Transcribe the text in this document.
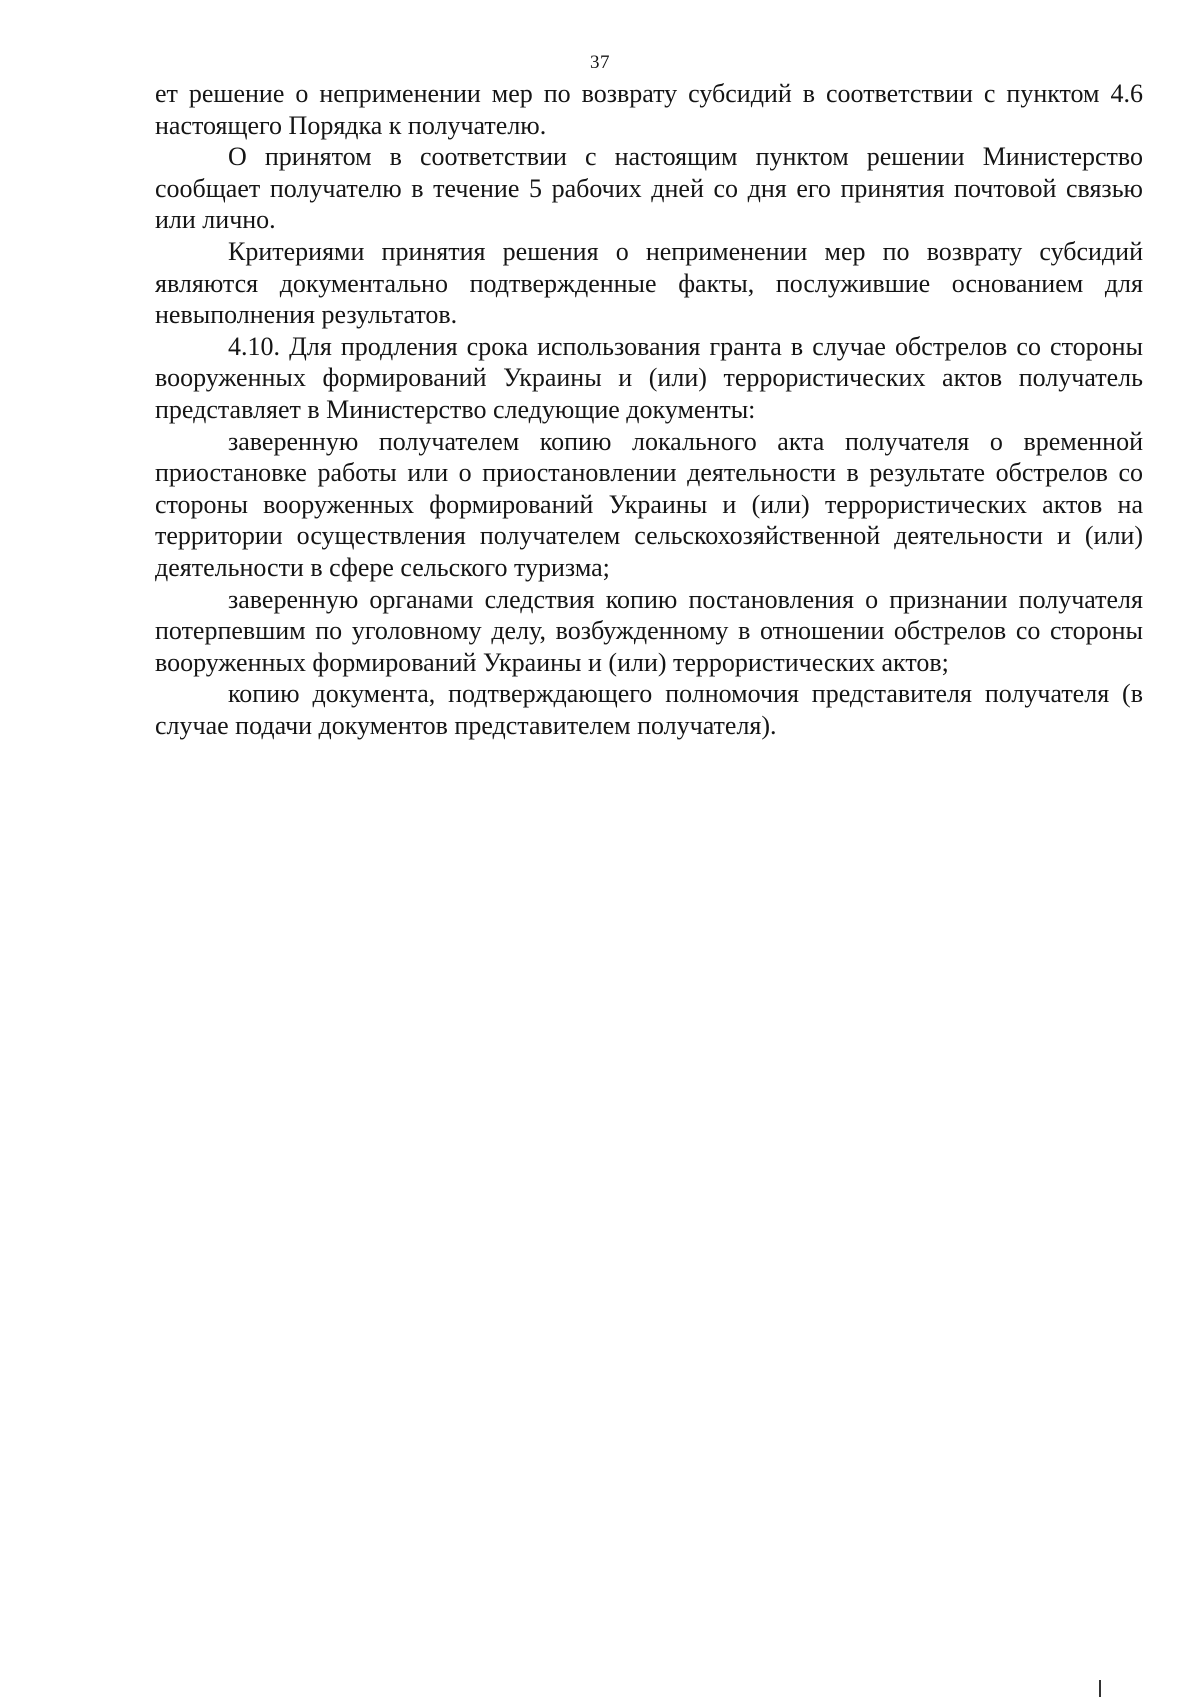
37

ет решение о неприменении мер по возврату субсидий в соответствии с пунктом 4.6 настоящего Порядка к получателю.

О принятом в соответствии с настоящим пунктом решении Министерство сообщает получателю в течение 5 рабочих дней со дня его принятия почтовой связью или лично.

Критериями принятия решения о неприменении мер по возврату субсидий являются документально подтвержденные факты, послужившие основанием для невыполнения результатов.

4.10. Для продления срока использования гранта в случае обстрелов со стороны вооруженных формирований Украины и (или) террористических актов получатель представляет в Министерство следующие документы:

заверенную получателем копию локального акта получателя о временной приостановке работы или о приостановлении деятельности в результате обстрелов со стороны вооруженных формирований Украины и (или) террористических актов на территории осуществления получателем сельскохозяйственной деятельности и (или) деятельности в сфере сельского туризма;

заверенную органами следствия копию постановления о признании получателя потерпевшим по уголовному делу, возбужденному в отношении обстрелов со стороны вооруженных формирований Украины и (или) террористических актов;

копию документа, подтверждающего полномочия представителя получателя (в случае подачи документов представителем получателя).
